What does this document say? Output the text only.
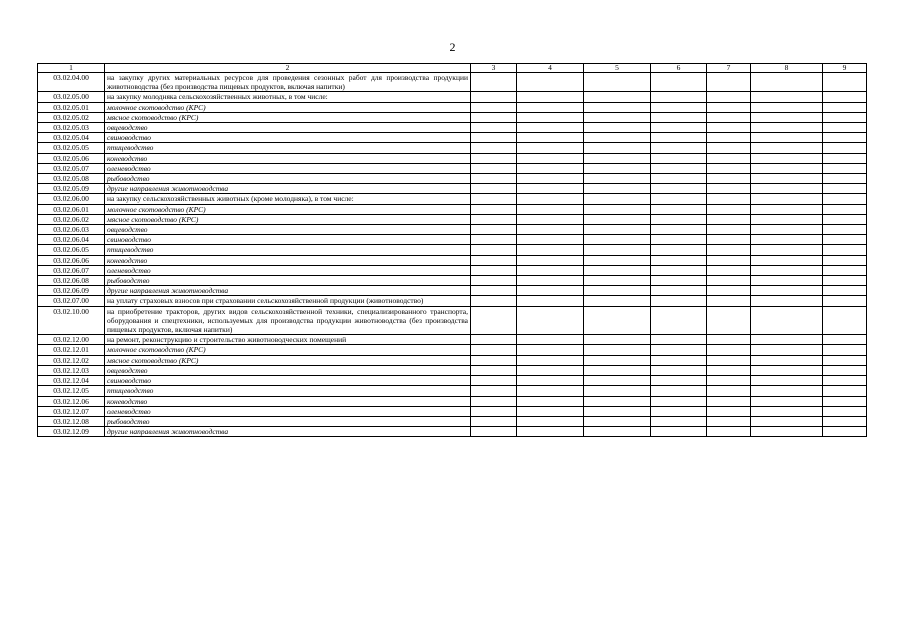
2
1	2	3	4	5	6	7	8	9
03.02.04.00	на закупку других материальных ресурсов для проведения сезонных работ для производства продукции животноводства (без производства пищевых продуктов, включая напитки)							
03.02.05.00	на закупку молодняка сельскохозяйственных животных, в том числе:							
03.02.05.01	молочное скотоводство (КРС)							
03.02.05.02	мясное скотоводство (КРС)							
03.02.05.03	овцеводство							
03.02.05.04	свиноводство							
03.02.05.05	птицеводство							
03.02.05.06	коневодство							
03.02.05.07	оленеводство							
03.02.05.08	рыбоводство							
03.02.05.09	другие направления животноводства							
03.02.06.00	на закупку сельскохозяйственных животных (кроме молодняка), в том числе:							
03.02.06.01	молочное скотоводство (КРС)							
03.02.06.02	мясное скотоводство (КРС)							
03.02.06.03	овцеводство							
03.02.06.04	свиноводство							
03.02.06.05	птицеводство							
03.02.06.06	коневодство							
03.02.06.07	оленеводство							
03.02.06.08	рыбоводство							
03.02.06.09	другие направления животноводства							
03.02.07.00	на уплату страховых взносов при страховании сельскохозяйственной продукции (животноводство)							
03.02.10.00	на приобретение тракторов, других видов сельскохозяйственной техники, специализированного транспорта, оборудования и спецтехники, используемых для производства продукции животноводства (без производства пищевых продуктов, включая напитки)							
03.02.12.00	на ремонт, реконструкцию и строительство животноводческих помещений							
03.02.12.01	молочное скотоводство (КРС)							
03.02.12.02	мясное скотоводство (КРС)							
03.02.12.03	овцеводство							
03.02.12.04	свиноводство							
03.02.12.05	птицеводство							
03.02.12.06	коневодство							
03.02.12.07	оленеводство							
03.02.12.08	рыбоводство							
03.02.12.09	другие направления животноводства							
